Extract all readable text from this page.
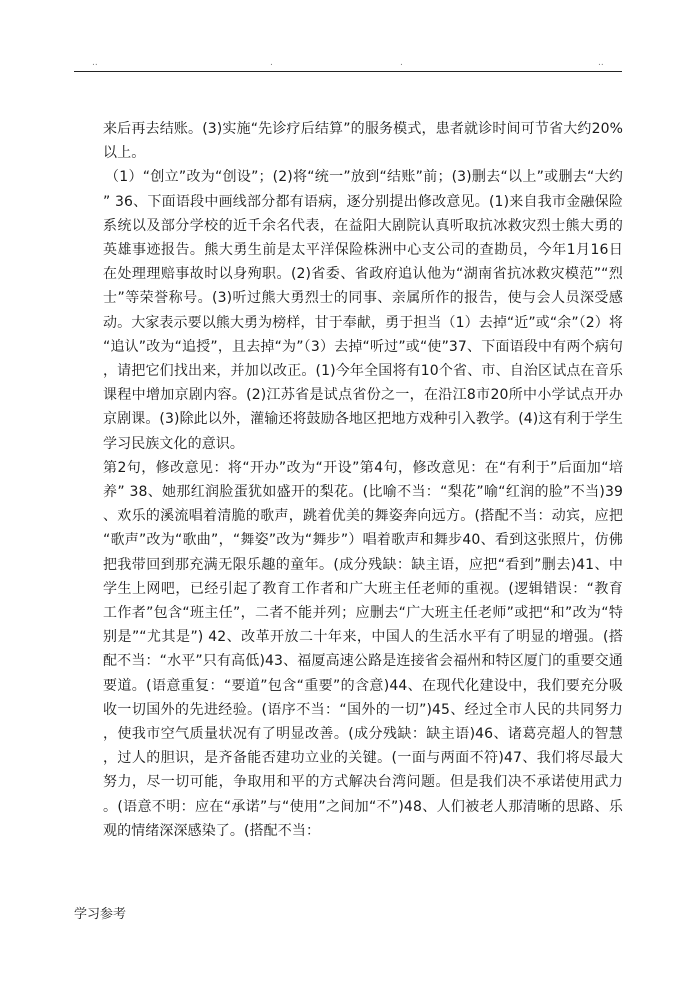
..	.	.	..

来后再去结账。(3)实施“先诊疗后结算”的服务模式，患者就诊时间可节省大约20%以上。

（1）“创立”改为“创设”；(2)将“统一”放到“结账”前；(3)删去“以上”或删去“大约” 36、下面语段中画线部分都有语病，逐分别提出修改意见。(1)来自我市金融保险系统以及部分学校的近千余名代表，在益阳大剧院认真听取抗冰救灾烈士熊大勇的英雄事迹报告。熊大勇生前是太平洋保险株洲中心支公司的查勘员，今年1月16日在处理理赔事故时以身殉职。(2)省委、省政府追认他为“湖南省抗冰救灾模范”“烈士”等荣誉称号。(3)听过熊大勇烈士的同事、亲属所作的报告，使与会人员深受感动。大家表示要以熊大勇为榜样，甘于奉献，勇于担当（1）去掉“近”或“余”（2）将“追认”改为“追授”，且去掉“为”（3）去掉“听过”或“使”37、下面语段中有两个病句，请把它们找出来，并加以改正。(1)今年全国将有10个省、市、自治区试点在音乐课程中增加京剧内容。(2)江苏省是试点省份之一，在沿江8市20所中小学试点开办京剧课。(3)除此以外，灌输还将鼓励各地区把地方戏种引入教学。(4)这有利于学生学习民族文化的意识。

第2句，修改意见：将“开办”改为“开设”第4句，修改意见：在“有利于”后面加“培养” 38、她那红润脸蛋犹如盛开的梨花。(比喻不当：“梨花”喻“红润的脸”不当)39、欢乐的溪流唱着清脆的歌声，跳着优美的舞姿奔向远方。(搭配不当：动宾，应把“歌声”改为“歌曲”，“舞姿”改为“舞步”）唱着歌声和舞步40、看到这张照片，仿佛把我带回到那充满无限乐趣的童年。(成分残缺：缺主语，应把“看到”删去)41、中学生上网吧，已经引起了教育工作者和广大班主任老师的重视。(逻辑错误：“教育工作者”包含“班主任”，二者不能并列；应删去“广大班主任老师”或把“和”改为“特别是”“尤其是”) 42、改革开放二十年来，中国人的生活水平有了明显的增强。(搭配不当：“水平”只有高低)43、福厦高速公路是连接省会福州和特区厦门的重要交通要道。(语意重复：“要道”包含“重要”的含意)44、在现代化建设中，我们要充分吸收一切国外的先进经验。(语序不当：“国外的一切”)45、经过全市人民的共同努力，使我市空气质量状况有了明显改善。(成分残缺：缺主语)46、诸葛亮超人的智慧，过人的胆识，是齐备能否建功立业的关键。(一面与两面不符)47、我们将尽最大努力，尽一切可能，争取用和平的方式解决台湾问题。但是我们决不承诺使用武力。(语意不明：应在“承诺”与“使用”之间加“不”)48、人们被老人那清晰的思路、乐观的情绪深深感染了。(搭配不当：

学习参考
